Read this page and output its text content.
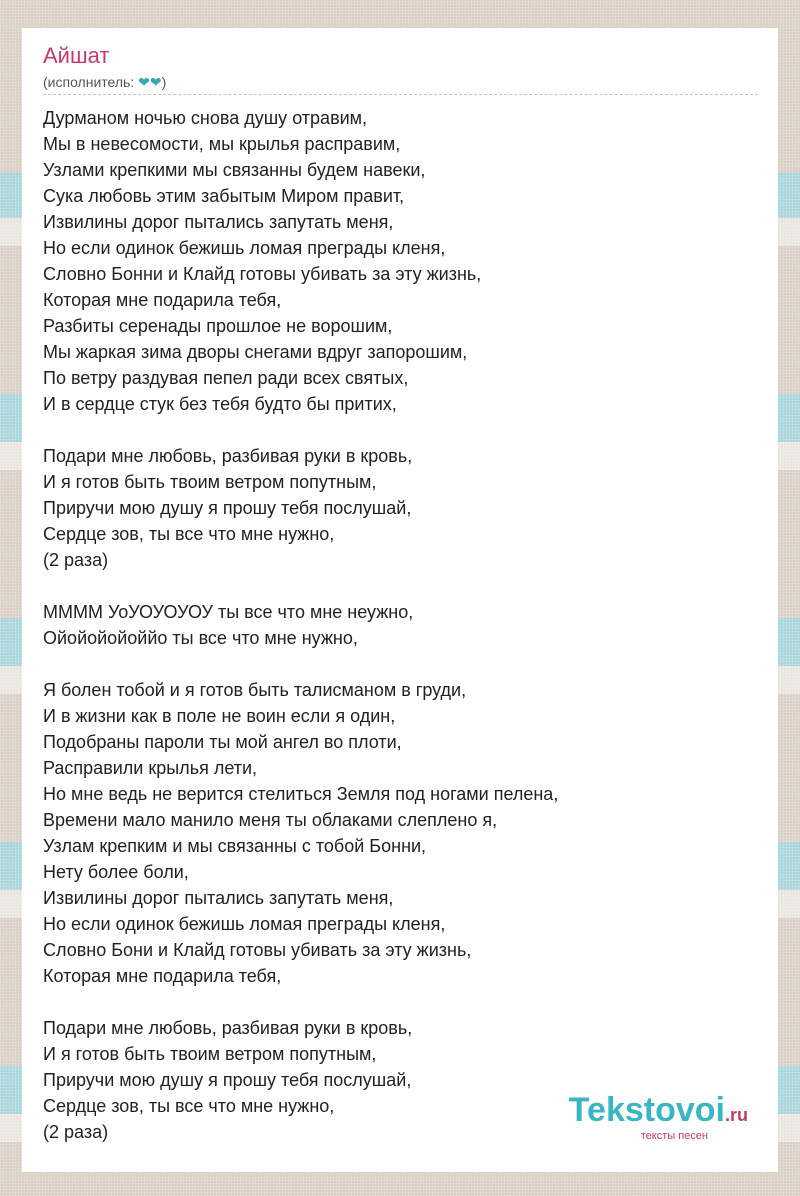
Айшат
(исполнитель: ❤❤)
Дурманом ночью снова душу отравим,
Мы в невесомости, мы крылья расправим,
Узлами крепкими мы связанны будем навеки,
Сука любовь этим забытым Миром правит,
Извилины дорог пытались запутать меня,
Но если одинок бежишь ломая преграды кленя,
Словно Бонни и Клайд готовы убивать за эту жизнь,
Которая мне подарила тебя,
Разбиты серенады прошлое не ворошим,
Мы жаркая зима дворы снегами вдруг запорошим,
По ветру раздувая пепел ради всех святых,
И в сердце стук без тебя будто бы притих,
Подари мне любовь, разбивая руки в кровь,
И я готов быть твоим ветром попутным,
Приручи мою душу я прошу тебя послушай,
Сердце зов, ты все что мне нужно,
(2 раза)
ММММ УоУОУОУОУ ты все что мне неужно,
Ойойойойоййо ты все что мне нужно,
Я болен тобой и я готов быть талисманом в груди,
И в жизни как в поле не воин если я один,
Подобраны пароли ты мой ангел во плоти,
Расправили крылья лети,
Но мне ведь не верится стелиться Земля под ногами пелена,
Времени мало манило меня ты облаками слеплено я,
Узлам крепким и мы связанны с тобой Бонни,
Нету более боли,
Извилины дорог пытались запутать меня,
Но если одинок бежишь ломая преграды кленя,
Словно Бони и Клайд готовы убивать за эту жизнь,
Которая мне подарила тебя,
Подари мне любовь, разбивая руки в кровь,
И я готов быть твоим ветром попутным,
Приручи мою душу я прошу тебя послушай,
Сердце зов, ты все что мне нужно,
(2 раза)
Tekstovoi.ru
тексты песен
